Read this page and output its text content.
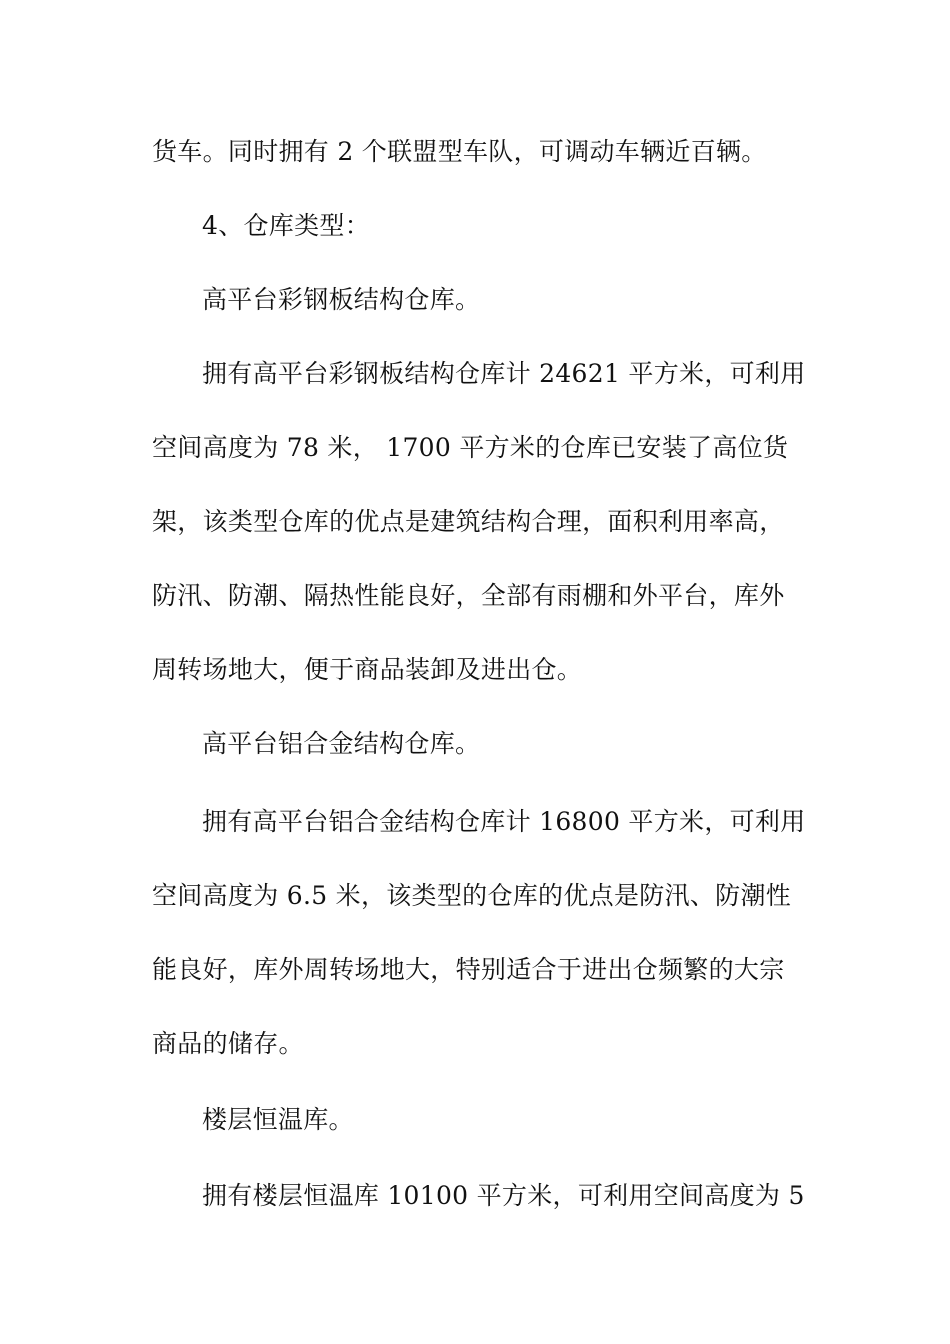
货车。同时拥有 2 个联盟型车队，可调动车辆近百辆。
4、仓库类型：
高平台彩钢板结构仓库。
拥有高平台彩钢板结构仓库计 24621 平方米，可利用
空间高度为 78 米， 1700 平方米的仓库已安装了高位货
架，该类型仓库的优点是建筑结构合理，面积利用率高，
防汛、防潮、隔热性能良好，全部有雨棚和外平台，库外
周转场地大，便于商品装卸及进出仓。
高平台铝合金结构仓库。
拥有高平台铝合金结构仓库计 16800 平方米，可利用
空间高度为 6.5 米，该类型的仓库的优点是防汛、防潮性
能良好，库外周转场地大，特别适合于进出仓频繁的大宗
商品的储存。
楼层恒温库。
拥有楼层恒温库 10100 平方米，可利用空间高度为 5
